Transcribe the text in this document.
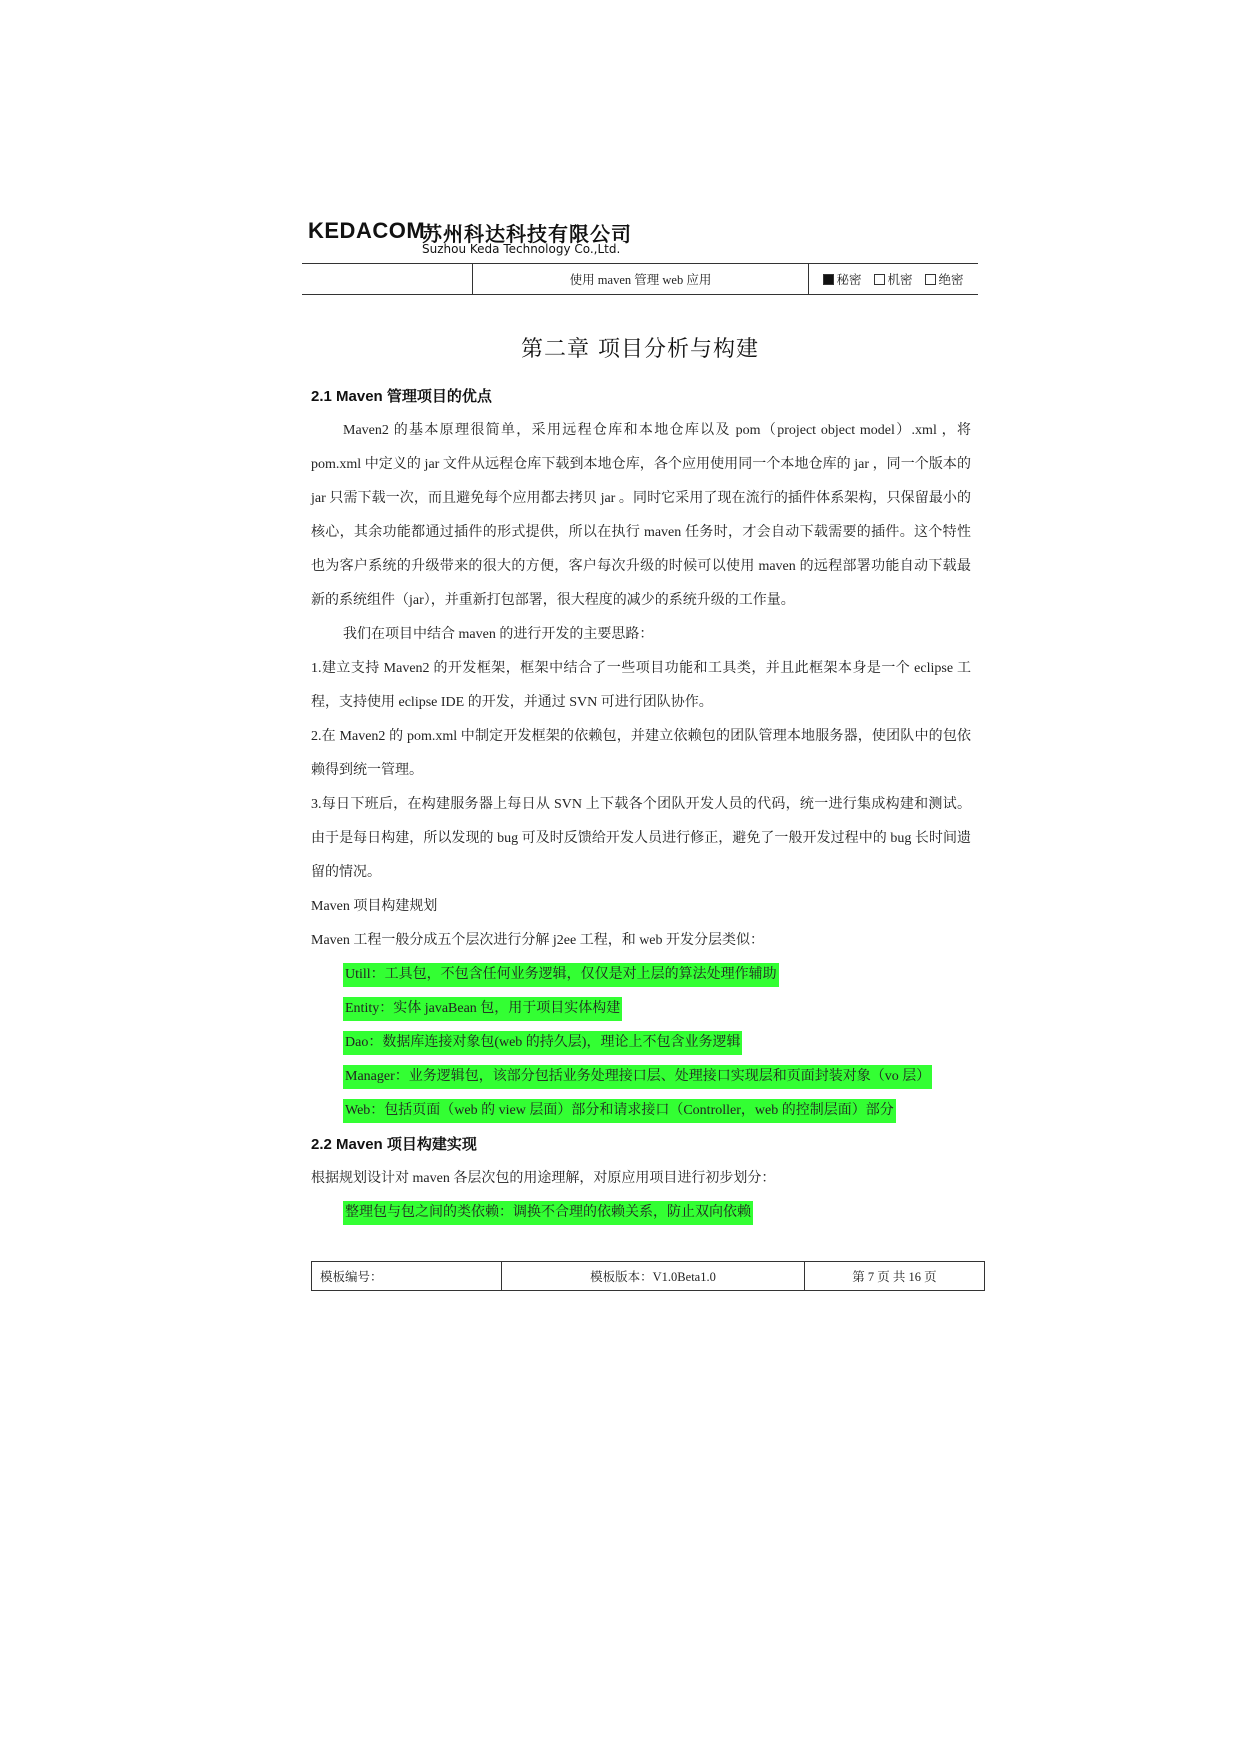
KEDACOM
苏州科达科技有限公司
Suzhou Keda Technology Co.,Ltd.
使用 maven 管理 web 应用	秘密	机密	绝密
第二章 项目分析与构建
2.1 Maven 管理项目的优点
Maven2 的基本原理很简单，采用远程仓库和本地仓库以及 pom（project object model）.xml ，将 pom.xml 中定义的 jar 文件从远程仓库下载到本地仓库，各个应用使用同一个本地仓库的 jar ，同一个版本的 jar 只需下载一次，而且避免每个应用都去拷贝 jar 。同时它采用了现在流行的插件体系架构，只保留最小的核心，其余功能都通过插件的形式提供，所以在执行 maven 任务时，才会自动下载需要的插件。这个特性也为客户系统的升级带来的很大的方便，客户每次升级的时候可以使用 maven 的远程部署功能自动下载最新的系统组件（jar），并重新打包部署，很大程度的减少的系统升级的工作量。
我们在项目中结合 maven 的进行开发的主要思路：
1.建立支持 Maven2 的开发框架，框架中结合了一些项目功能和工具类，并且此框架本身是一个 eclipse 工程，支持使用 eclipse IDE 的开发，并通过 SVN 可进行团队协作。
2.在 Maven2 的 pom.xml 中制定开发框架的依赖包，并建立依赖包的团队管理本地服务器，使团队中的包依赖得到统一管理。
3.每日下班后，在构建服务器上每日从 SVN 上下载各个团队开发人员的代码，统一进行集成构建和测试。由于是每日构建，所以发现的 bug 可及时反馈给开发人员进行修正，避免了一般开发过程中的 bug 长时间遗留的情况。
Maven 项目构建规划
Maven 工程一般分成五个层次进行分解 j2ee 工程，和 web 开发分层类似：
Utill：工具包，不包含任何业务逻辑，仅仅是对上层的算法处理作辅助
Entity：实体 javaBean 包，用于项目实体构建
Dao：数据库连接对象包(web 的持久层)，理论上不包含业务逻辑
Manager：业务逻辑包，该部分包括业务处理接口层、处理接口实现层和页面封装对象（vo 层）
Web：包括页面（web 的 view 层面）部分和请求接口（Controller，web 的控制层面）部分
2.2 Maven 项目构建实现
根据规划设计对 maven 各层次包的用途理解，对原应用项目进行初步划分：
整理包与包之间的类依赖：调换不合理的依赖关系，防止双向依赖
模板编号：	模板版本：V1.0Beta1.0	第 7 页 共 16 页
